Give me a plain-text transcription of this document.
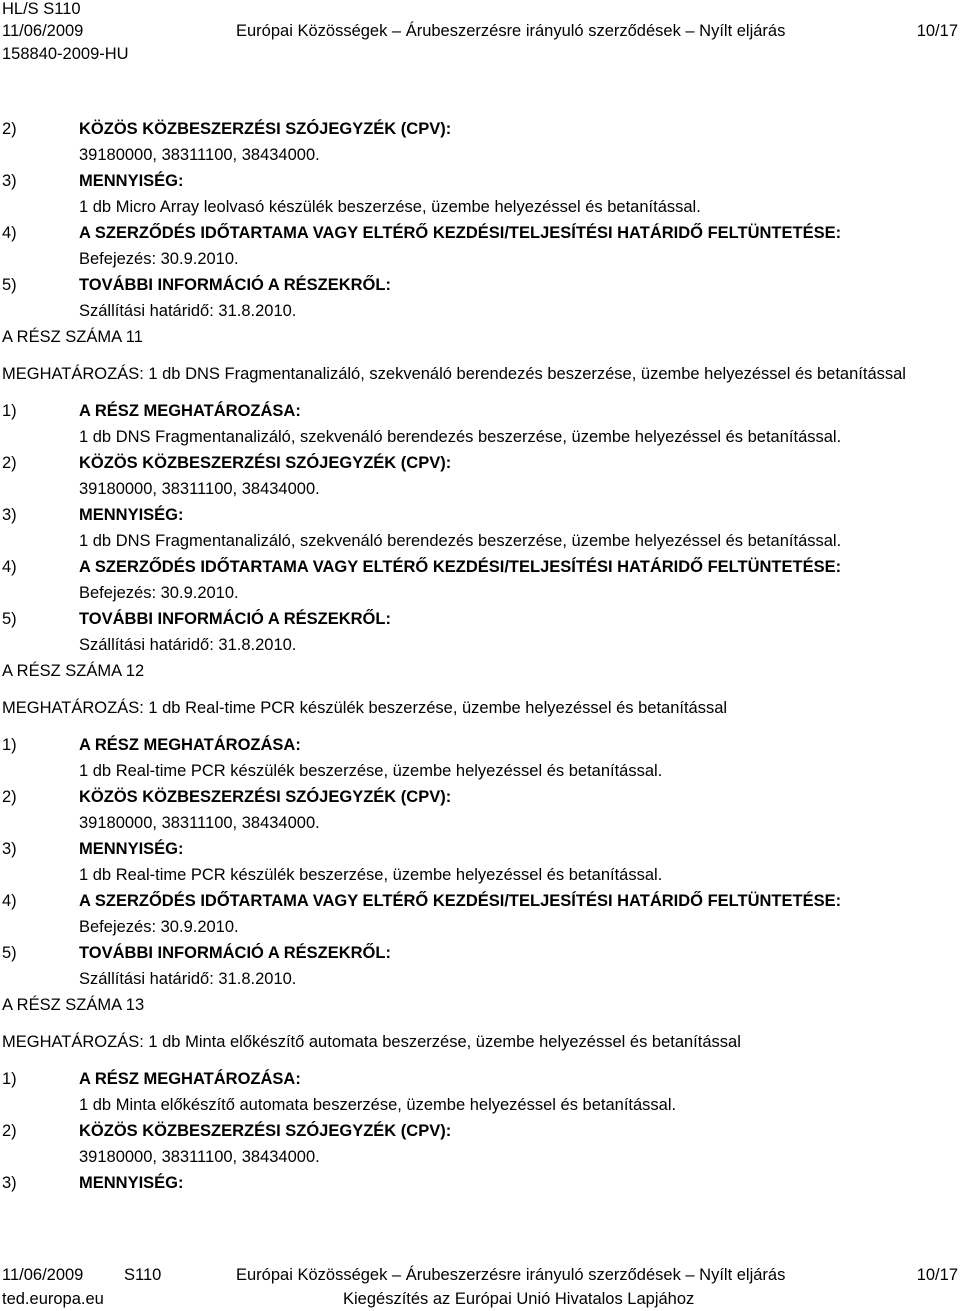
HL/S S110
11/06/2009
158840-2009-HU
Európai Közösségek – Árubeszerzésre irányuló szerződések – Nyílt eljárás	10/17
2)	KÖZÖS KÖZBESZERZÉSI SZÓJEGYZÉK (CPV):
39180000, 38311100, 38434000.
3)	MENNYISÉG:
1 db Micro Array leolvasó készülék beszerzése, üzembe helyezéssel és betanítással.
4)	A SZERZŐDÉS IDŐTARTAMA VAGY ELTÉRŐ KEZDÉSI/TELJESÍTÉSI HATÁRIDŐ FELTÜNTETÉSE:
Befejezés: 30.9.2010.
5)	TOVÁBBI INFORMÁCIÓ A RÉSZEKRŐL:
Szállítási határidő: 31.8.2010.
A RÉSZ SZÁMA 11
MEGHATÁROZÁS: 1 db DNS Fragmentanalizáló, szekvenáló berendezés beszerzése, üzembe helyezéssel és betanítással
1)	A RÉSZ MEGHATÁROZÁSA:
1 db DNS Fragmentanalizáló, szekvenáló berendezés beszerzése, üzembe helyezéssel és betanítással.
2)	KÖZÖS KÖZBESZERZÉSI SZÓJEGYZÉK (CPV):
39180000, 38311100, 38434000.
3)	MENNYISÉG:
1 db DNS Fragmentanalizáló, szekvenáló berendezés beszerzése, üzembe helyezéssel és betanítással.
4)	A SZERZŐDÉS IDŐTARTAMA VAGY ELTÉRŐ KEZDÉSI/TELJESÍTÉSI HATÁRIDŐ FELTÜNTETÉSE:
Befejezés: 30.9.2010.
5)	TOVÁBBI INFORMÁCIÓ A RÉSZEKRŐL:
Szállítási határidő: 31.8.2010.
A RÉSZ SZÁMA 12
MEGHATÁROZÁS: 1 db Real-time PCR készülék beszerzése, üzembe helyezéssel és betanítással
1)	A RÉSZ MEGHATÁROZÁSA:
1 db Real-time PCR készülék beszerzése, üzembe helyezéssel és betanítással.
2)	KÖZÖS KÖZBESZERZÉSI SZÓJEGYZÉK (CPV):
39180000, 38311100, 38434000.
3)	MENNYISÉG:
1 db Real-time PCR készülék beszerzése, üzembe helyezéssel és betanítással.
4)	A SZERZŐDÉS IDŐTARTAMA VAGY ELTÉRŐ KEZDÉSI/TELJESÍTÉSI HATÁRIDŐ FELTÜNTETÉSE:
Befejezés: 30.9.2010.
5)	TOVÁBBI INFORMÁCIÓ A RÉSZEKRŐL:
Szállítási határidő: 31.8.2010.
A RÉSZ SZÁMA 13
MEGHATÁROZÁS: 1 db Minta előkészítő automata beszerzése, üzembe helyezéssel és betanítással
1)	A RÉSZ MEGHATÁROZÁSA:
1 db Minta előkészítő automata beszerzése, üzembe helyezéssel és betanítással.
2)	KÖZÖS KÖZBESZERZÉSI SZÓJEGYZÉK (CPV):
39180000, 38311100, 38434000.
3)	MENNYISÉG:
11/06/2009 S110	Európai Közösségek – Árubeszerzésre irányuló szerződések – Nyílt eljárás	10/17
ted.europa.eu	Kiegészítés az Európai Unió Hivatalos Lapjához
